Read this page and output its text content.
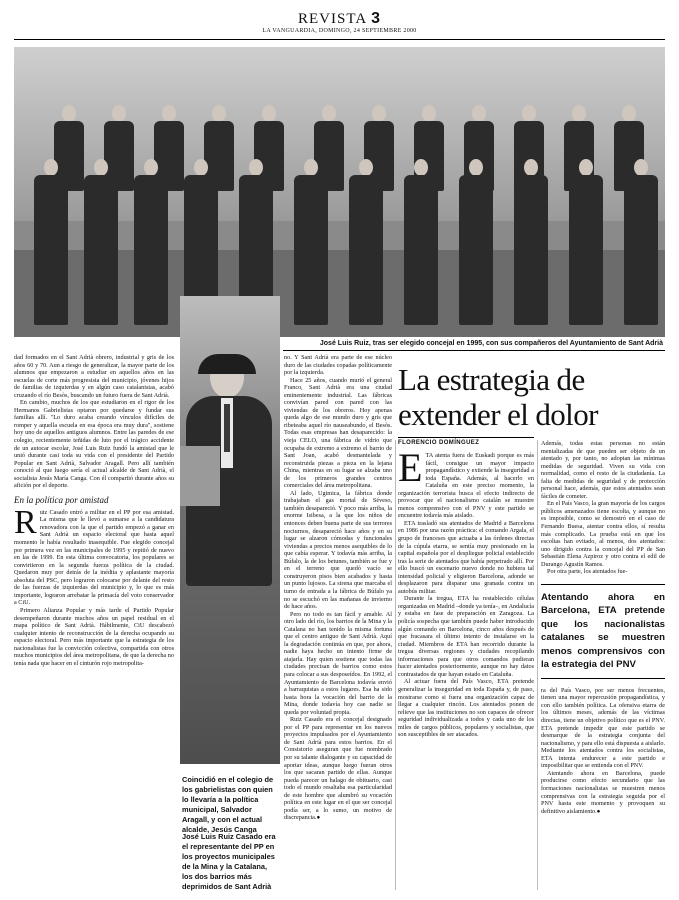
REVISTA 3
LA VANGUARDIA, DOMINGO, 24 SEPTIEMBRE 2000
José Luis Ruiz, tras ser elegido concejal en 1995, con sus compañeros del Ayuntamiento de Sant Adrià
Coincidió en el colegio de los gabrielistas con quien lo llevaría a la política municipal, Salvador Aragall, y con el actual alcalde, Jesús Canga
José Luis Ruiz Casado era el representante del PP en los proyectos municipales de la Mina y la Catalana, los dos barrios más deprimidos de Sant Adrià

dad formados en el Sant Adrià obrero, industrial y gris de los años 60 y 70. Aun a riesgo de generalizar, la mayor parte de los alumnos que empezaron a estudiar en aquellos años en las escuelas de corte más progresista del municipio, jóvenes hijos de familias de izquierdas y en algún caso catalanistas, acabó cruzando el río Besòs, buscando un futuro fuera de Sant Adrià.

En cambio, muchos de los que estudiaron en el rigor de los Hermanos Gabrielistas optaron por quedarse y fundar sus familias allí. "Lo duro acaba creando vínculos difíciles de romper y aquella escuela en esa época era muy dura", sostiene hoy uno de aquellos antiguos alumnos. Entre las paredes de ese colegio, recientemente teñidas de luto por el trágico accidente de un autocar escolar, José Luis Ruiz fundó la amistad que le unió durante casi toda su vida con el presidente del Partido Popular en Sant Adrià, Salvador Aragall. Pero allí también conoció al que luego sería el actual alcalde de Sant Adrià, el socialista Jesús María Canga. Con él compartió durante años su afición por el deporte.

En la política por amistad

Ruiz Casado entró a militar en el PP por esa amistad. La misma que le llevó a sumarse a la candidatura renovadora con la que el partido empezó a ganar en Sant Adrià un espacio electoral que hasta aquel momento le había resultado inasequible. Fue elegido concejal por primera vez en las municipales de 1995 y repitió de nuevo en las de 1999. En esta última convocatoria, los populares se convirtieron en la segunda fuerza política de la ciudad. Quedaron muy por detrás de la inédita y aplastante mayoría absoluta del PSC, pero lograron colocarse por delante del resto de las fuerzas de izquierdas del municipio y, lo que es más importante, lograron arrebatar la primacía del voto conservador a CiU.

Primero Alianza Popular y más tarde el Partido Popular desempeñaron durante muchos años un papel residual en el mapa político de Sant Adrià. Hábilmente, CiU descabezó cualquier intento de reconstrucción de la derecha ocupando su espacio electoral. Pero más importante que la estrategia de los nacionalistas fue la convicción colectiva, compartida con otros muchos municipios del área metropolitana, de que la derecha no tenía nada que hacer en el cinturón rojo metropolita-

no. Y Sant Adrià era parte de ese núcleo duro de las ciudades copadas políticamente por la izquierda.

Hace 25 años, cuando murió el general Franco, Sant Adrià era una ciudad eminentemente industrial. Las fábricas convivían pared con pared con las viviendas de los obreros. Hoy apenas queda algo de ese mundo duro y gris que ribeteaba aquel río nauseabundo, el Besòs. Todas esas empresas han desaparecido: la vieja CELO, una fábrica de vidrio que ocupaba de extremo a extremo el barrio de Sant Joan, acabó desmantelada y reconstruida piezas a pieza en la lejana China, mientras en su lugar se alzaba uno de los primeros grandes centros comerciales del área metropolitana.

Al lado, Ugimica, la fábrica donde trabajaban el gas mortal de Séveso, también desapareció. Y poco más arriba, la enorme Isibesa, a la que los niños de entonces deben buena parte de sus terrores nocturnos, desapareció hace años y en su lugar se alzaron cómodas y funcionales viviendas a precios menos asequibles de lo que cabía esperar. Y todavía más arriba, la Búfalo, la de los betunes, también se fue y en el terreno que quedó vacío se construyeron pisos bien acabados y hasta un punto lujosos. La sirena que marcaba el turno de entrada a la fábrica de Búfalo ya no se escuchó en las mañanas de invierno de hace años.

Pero no todo es tan fácil y amable. Al otro lado del río, los barrios de la Mina y la Catalana no han tenido la misma fortuna que el centro antiguo de Sant Adrià. Aquí la degradación continúa en que, por ahora, nadie haya hecho un intento firme de atajarla. Hay quien sostiene que todas las ciudades precisan de barrios como estos para colocar a sus desposeídos. En 1992, el Ayuntamiento de Barcelona todavía envió a barraquistas a estos lugares. Esa ha sido hasta hora la vocación del barrio de la Mina, donde todavía hoy cae nadie se queda por voluntad propia.

Ruiz Casado era el concejal designado por el PP para representar en los nuevos proyectos impulsados por el Ayuntamiento de Sant Adrià para estos barrios. En el Consistorio aseguran que fue nombrado por su talante dialogante y su capacidad de aportar ideas, aunque luego fueran otros los que sacaran partido de ellas. Aunque pueda parecer un halago de obituario, casi todo el mundo resaltaba esa particularidad de este hombre que alumbró su vocación política en este lugar en el que ser concejal podía ser, a lo sumo, un motivo de discrepancia.●

La estrategia de
extender el dolor
FLORENCIO DOMÍNGUEZ

ETA atenta fuera de Euskadi porque es más fácil, consigue un mayor impacto propagandístico y extiende la inseguridad a toda España. Además, al hacerlo en Cataluña en este preciso momento, la organización terrorista busca el efecto indirecto de provocar que el nacionalismo catalán se muestre menos comprensivo con el PNV y este partido se encuentre todavía más aislado.

ETA trasladó sus atentados de Madrid a Barcelona en 1986 por una razón práctica: el comando Argala, el grupo de franceses que actuaba a las órdenes directas de la cúpula etarra, se sentía muy presionado en la capital española por el despliegue policial establecido tras la serie de atentados que había perpetrado allí. Por ello buscó un escenario nuevo donde no hubiera tal intensidad policial y eligieron Barcelona, adonde se desplazaron para disparar una granada contra un autobús militar.

Durante la tregua, ETA ha restablecido células organizadas en Madrid –donde ya tenía–, en Andalucía y estaba en fase de preparación en Zaragoza. La policía sospecha que también puede haber introducido algún comando en Barcelona, cinco años después de que fracasara el último intento de instalarse en la ciudad. Miembros de ETA han recorrido durante la tregua diversas regiones y ciudades recopilando informaciones para que otros comandos pudieran hacer atentados posteriormente, aunque no hay datos contrastados de que hayan estado en Cataluña.

Al actuar fuera del País Vasco, ETA pretende generalizar la inseguridad en toda España y, de paso, mostrarse como si fuera una organización capaz de llegar a cualquier rincón. Los atentados ponen de relieve que las instituciones no son capaces de ofrecer seguridad individualizada a todos y cada uno de los miles de cargos públicos, populares y socialistas, que son susceptibles de ser atacados.

Además, todas estas personas no están mentalizadas de que pueden ser objeto de un atentado y, por tanto, no adoptan las mínimas medidas de seguridad. Viven su vida con normalidad, como el resto de la ciudadanía. La falta de medidas de seguridad y de protección personal hace, además, que estos atentados sean fáciles de cometer.

En el País Vasco, la gran mayoría de los cargos públicos amenazados tiene escolta, y aunque no es imposible, como se demostró en el caso de Fernando Buesa, atentar contra ellos, sí resulta más complicado. La prueba está en que los escoltas han evitado, al menos, dos atentados: uno dirigido contra la concejal del PP de San Sebastián Elena Azpiroz y otro contra el edil de Durango Agustín Ramos.

Por otra parte, los atentados fue-

Atentando ahora en Barcelona, ETA pretende que los nacionalistas catalanes se muestren menos comprensivos con la estrategia del PNV

ra del País Vasco, por ser menos frecuentes, tienen una mayor repercusión propagandística, y con ello también política. La ofensiva etarra de los últimos meses, además de las víctimas directas, tiene un objetivo político que es el PNV. ETA pretende impedir que este partido se desmarque de la estrategia conjunta del nacionalismo, y para ello está dispuesta a aislarlo. Mediante los atentados contra los socialistas, ETA intenta endurecer a este partido e imposibilitar que se entienda con el PNV.

Atentando ahora en Barcelona, puede producirse como efecto secundario que las formaciones nacionalistas se muestren menos comprensivas con la estrategia seguida por el PNV hasta este momento y provoquen su definitivo aislamiento.●
